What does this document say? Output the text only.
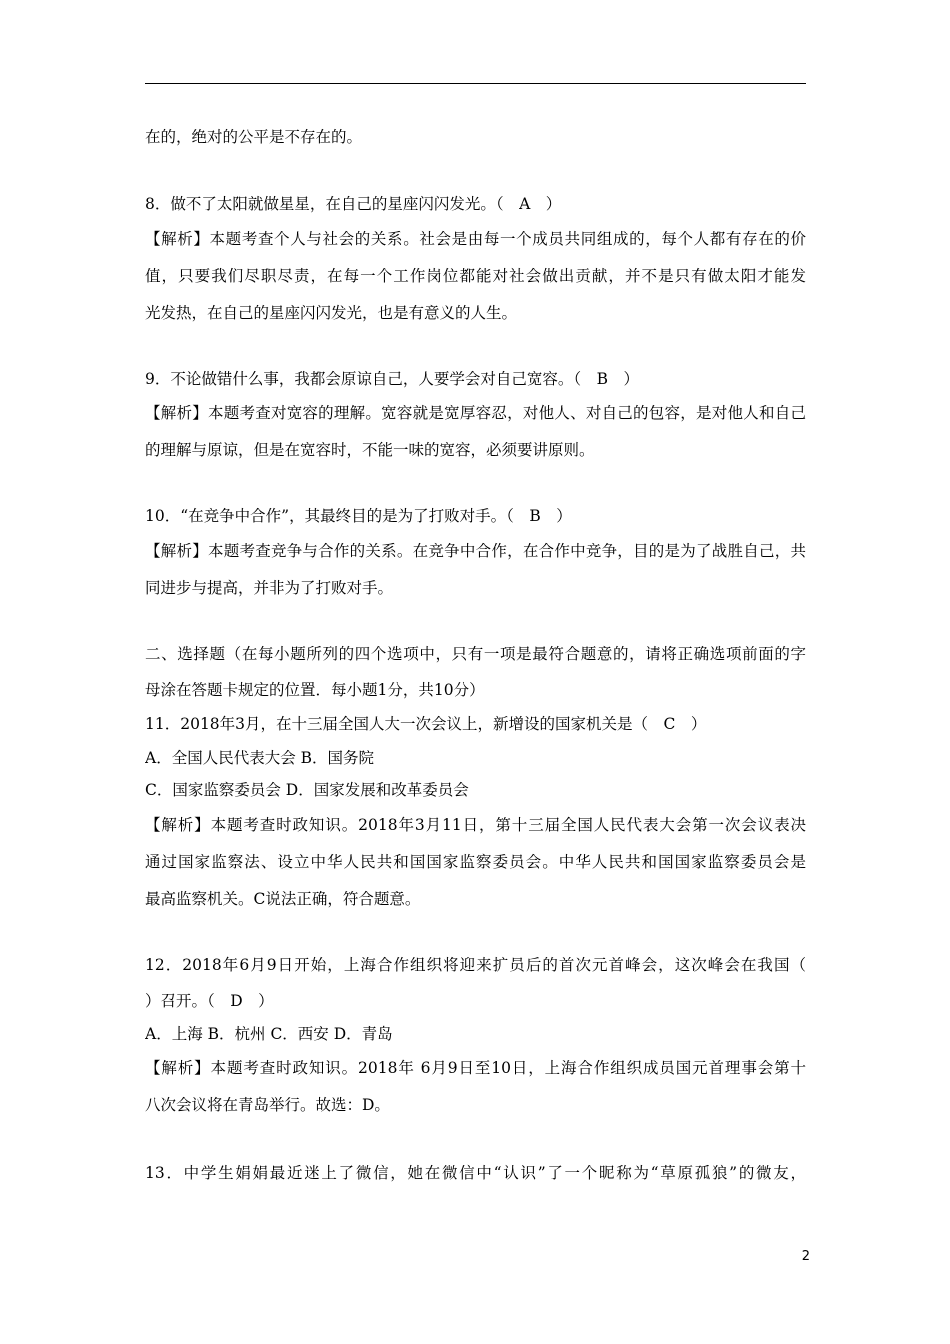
在的，绝对的公平是不存在的。
8．做不了太阳就做星星，在自己的星座闪闪发光。（　A　）
【解析】本题考查个人与社会的关系。社会是由每一个成员共同组成的，每个人都有存在的价
值，只要我们尽职尽责，在每一个工作岗位都能对社会做出贡献，并不是只有做太阳才能发
光发热，在自己的星座闪闪发光，也是有意义的人生。
9．不论做错什么事，我都会原谅自己，人要学会对自己宽容。（　B　）
【解析】本题考查对宽容的理解。宽容就是宽厚容忍，对他人、对自己的包容，是对他人和自己
的理解与原谅，但是在宽容时，不能一味的宽容，必须要讲原则。
10．“在竞争中合作”，其最终目的是为了打败对手。（　B　）
【解析】本题考查竞争与合作的关系。在竞争中合作，在合作中竞争，目的是为了战胜自己，共
同进步与提高，并非为了打败对手。
二、选择题（在每小题所列的四个选项中，只有一项是最符合题意的，请将正确选项前面的字
母涂在答题卡规定的位置．每小题1分，共10分）
11．2018年3月，在十三届全国人大一次会议上，新增设的国家机关是（　C　）
A．全国人民代表大会 B．国务院
C．国家监察委员会 D．国家发展和改革委员会
【解析】本题考查时政知识。2018年3月11日，第十三届全国人民代表大会第一次会议表决
通过国家监察法、设立中华人民共和国国家监察委员会。中华人民共和国国家监察委员会是
最高监察机关。C说法正确，符合题意。
12．2018年6月9日开始，上海合作组织将迎来扩员后的首次元首峰会，这次峰会在我国（
）召开。（　D　）
A．上海 B．杭州 C．西安 D．青岛
【解析】本题考查时政知识。2018年 6月9日至10日，上海合作组织成员国元首理事会第十
八次会议将在青岛举行。故选：D。
13．中学生娟娟最近迷上了微信，她在微信中“认识”了一个昵称为“草原孤狼”的微友，
2
